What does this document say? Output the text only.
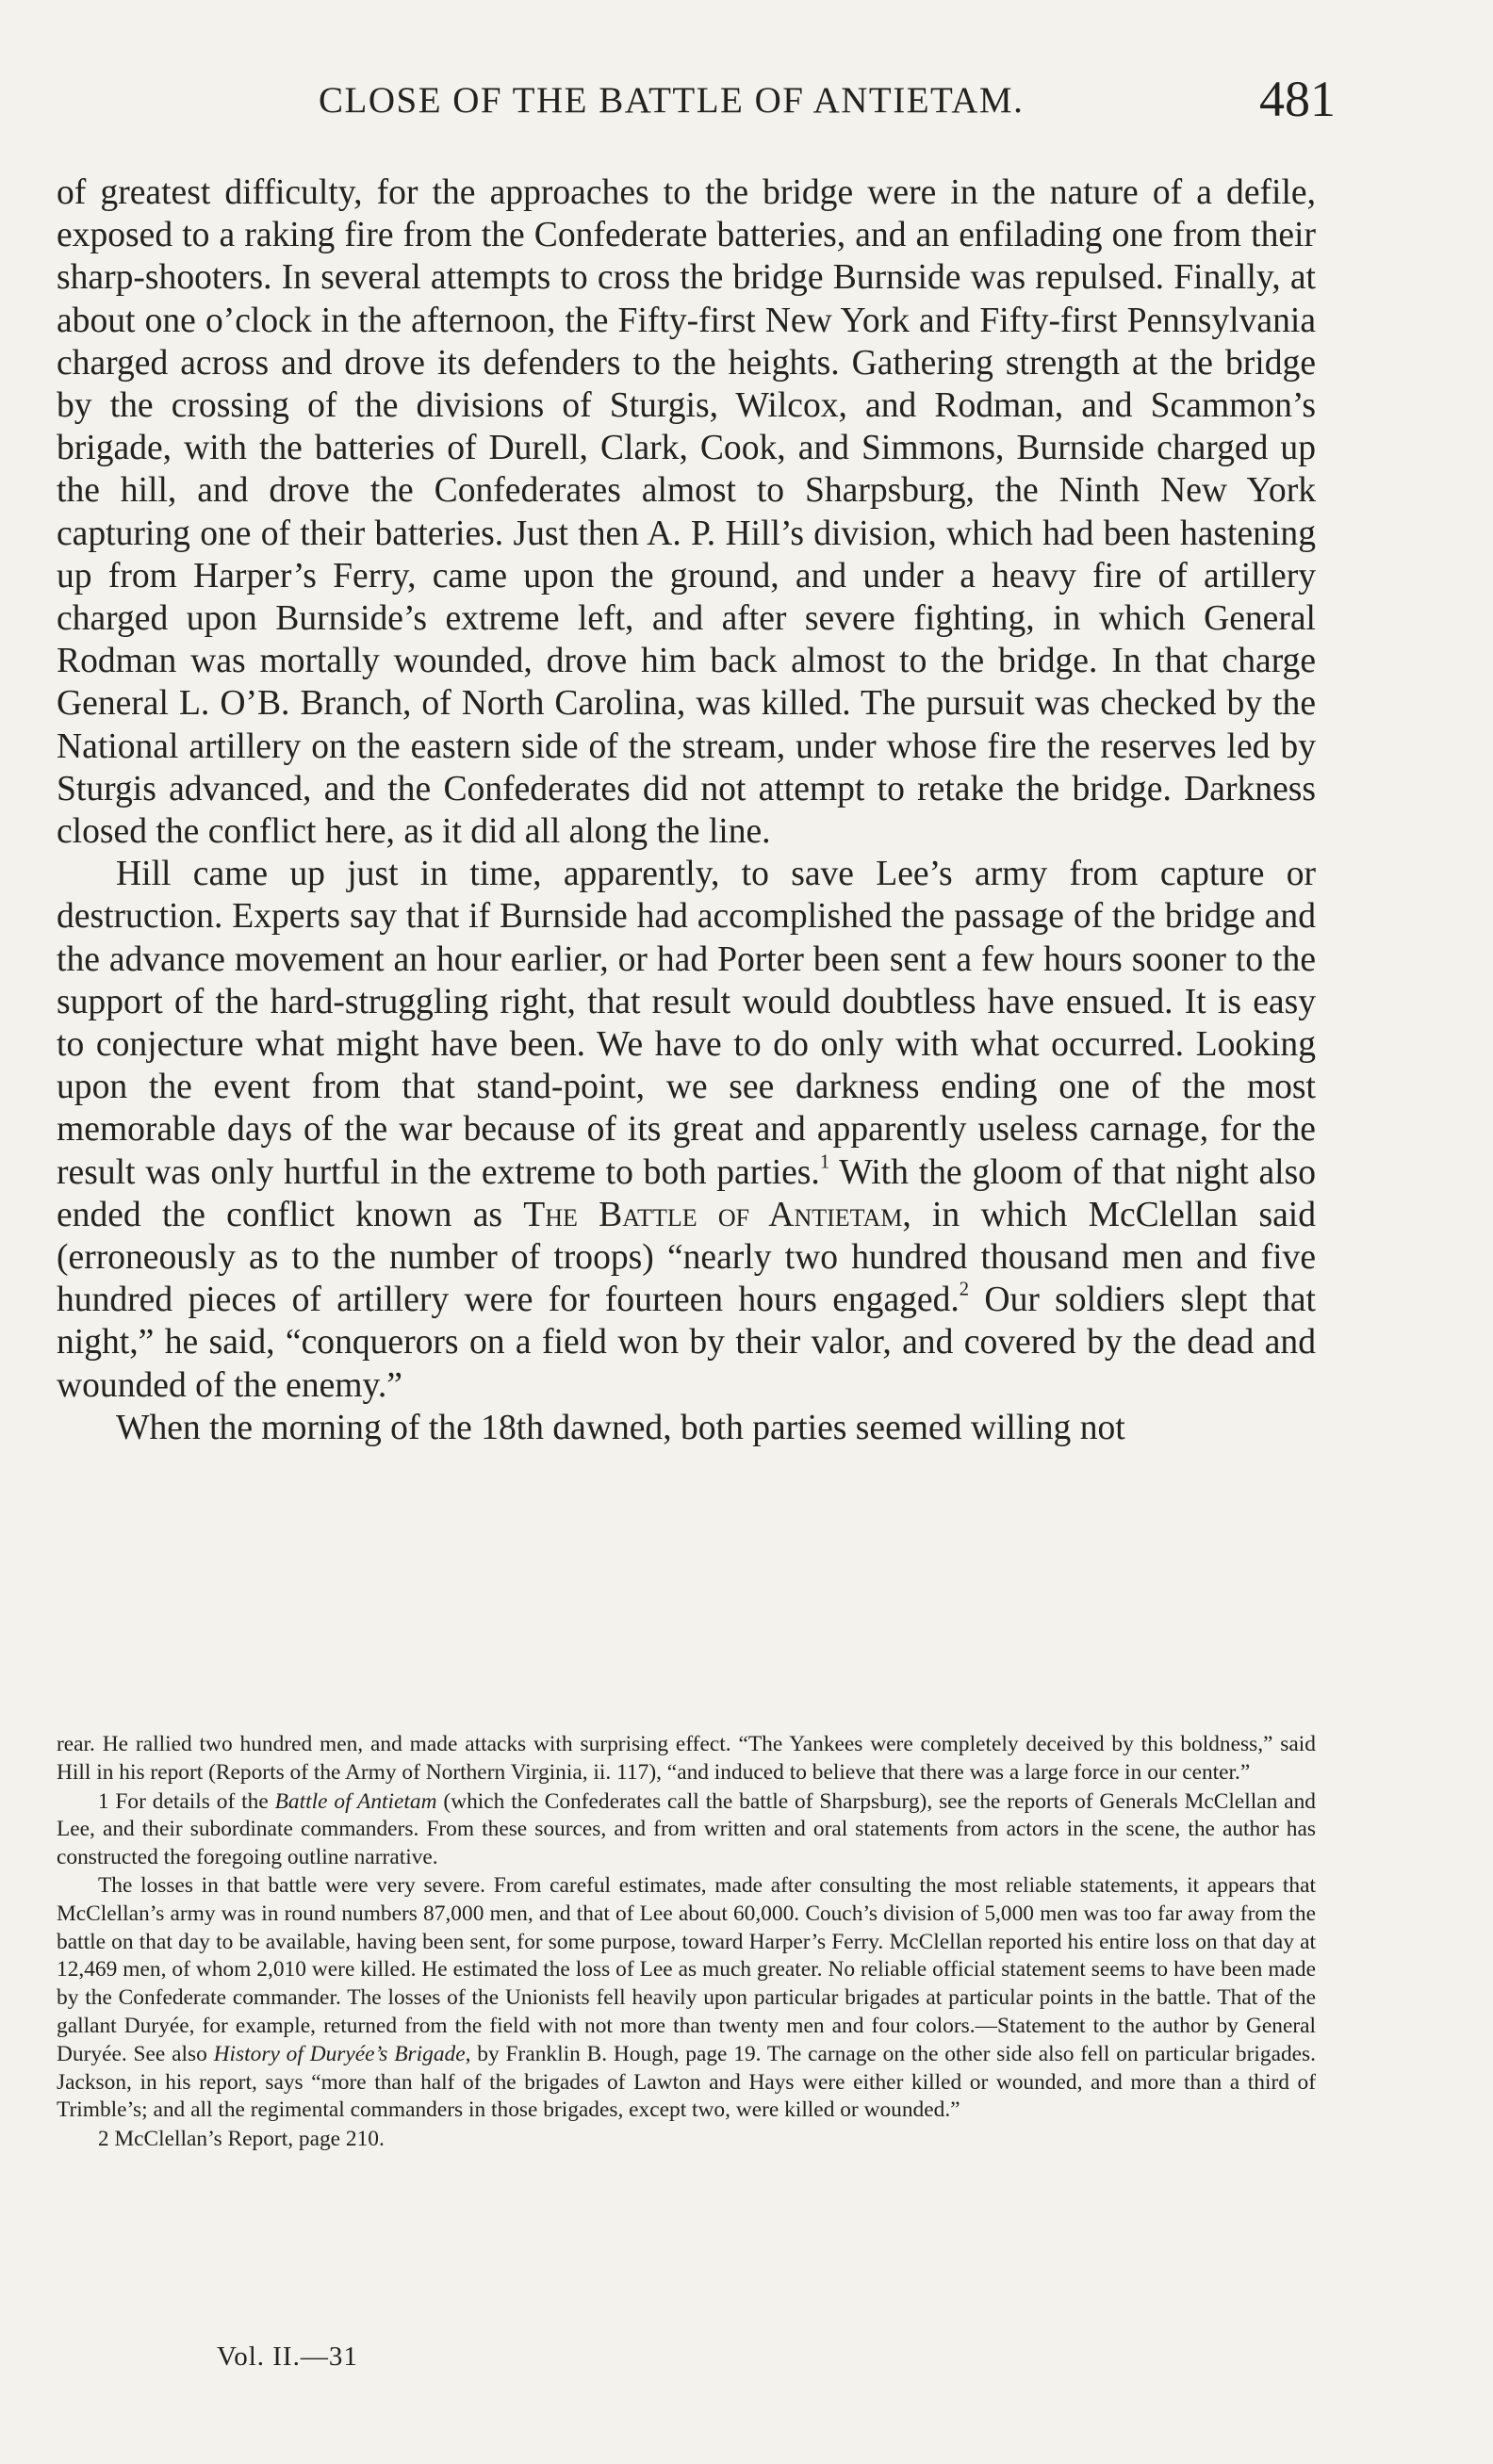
CLOSE OF THE BATTLE OF ANTIETAM.	481

of greatest difficulty, for the approaches to the bridge were in the nature of a defile, exposed to a raking fire from the Confederate batteries, and an enfilading one from their sharp-shooters. In several attempts to cross the bridge Burnside was repulsed. Finally, at about one o’clock in the afternoon, the Fifty-first New York and Fifty-first Pennsylvania charged across and drove its defenders to the heights. Gathering strength at the bridge by the crossing of the divisions of Sturgis, Wilcox, and Rodman, and Scammon’s brigade, with the batteries of Durell, Clark, Cook, and Simmons, Burnside charged up the hill, and drove the Confederates almost to Sharpsburg, the Ninth New York capturing one of their batteries. Just then A. P. Hill’s division, which had been hastening up from Harper’s Ferry, came upon the ground, and under a heavy fire of artillery charged upon Burnside’s extreme left, and after severe fighting, in which General Rodman was mortally wounded, drove him back almost to the bridge. In that charge General L. O’B. Branch, of North Carolina, was killed. The pursuit was checked by the National artillery on the eastern side of the stream, under whose fire the reserves led by Sturgis advanced, and the Confederates did not attempt to retake the bridge. Darkness closed the conflict here, as it did all along the line.

Hill came up just in time, apparently, to save Lee’s army from capture or destruction. Experts say that if Burnside had accomplished the passage of the bridge and the advance movement an hour earlier, or had Porter been sent a few hours sooner to the support of the hard-struggling right, that result would doubtless have ensued. It is easy to conjecture what might have been. We have to do only with what occurred. Looking upon the event from that stand-point, we see darkness ending one of the most memorable days of the war because of its great and apparently useless carnage, for the result was only hurtful in the extreme to both parties.$^1$ With the gloom of that night also ended the conflict known as The Battle of Antietam, in which McClellan said (erroneously as to the number of troops) “nearly two hundred thousand men and five hundred pieces of artillery were for fourteen hours engaged.$^2$ Our soldiers slept that night,” he said, “conquerors on a field won by their valor, and covered by the dead and wounded of the enemy.”

When the morning of the 18th dawned, both parties seemed willing not

rear. He rallied two hundred men, and made attacks with surprising effect. “The Yankees were completely deceived by this boldness,” said Hill in his report (Reports of the Army of Northern Virginia, ii. 117), “and induced to believe that there was a large force in our center.”

1 For details of the Battle of Antietam (which the Confederates call the battle of Sharpsburg), see the reports of Generals McClellan and Lee, and their subordinate commanders. From these sources, and from written and oral statements from actors in the scene, the author has constructed the foregoing outline narrative.

The losses in that battle were very severe. From careful estimates, made after consulting the most reliable statements, it appears that McClellan’s army was in round numbers 87,000 men, and that of Lee about 60,000. Couch’s division of 5,000 men was too far away from the battle on that day to be available, having been sent, for some purpose, toward Harper’s Ferry. McClellan reported his entire loss on that day at 12,469 men, of whom 2,010 were killed. He estimated the loss of Lee as much greater. No reliable official statement seems to have been made by the Confederate commander. The losses of the Unionists fell heavily upon particular brigades at particular points in the battle. That of the gallant Duryée, for example, returned from the field with not more than twenty men and four colors.—Statement to the author by General Duryée. See also History of Duryée’s Brigade, by Franklin B. Hough, page 19. The carnage on the other side also fell on particular brigades. Jackson, in his report, says “more than half of the brigades of Lawton and Hays were either killed or wounded, and more than a third of Trimble’s; and all the regimental commanders in those brigades, except two, were killed or wounded.”

2 McClellan’s Report, page 210.

Vol. II.—31
